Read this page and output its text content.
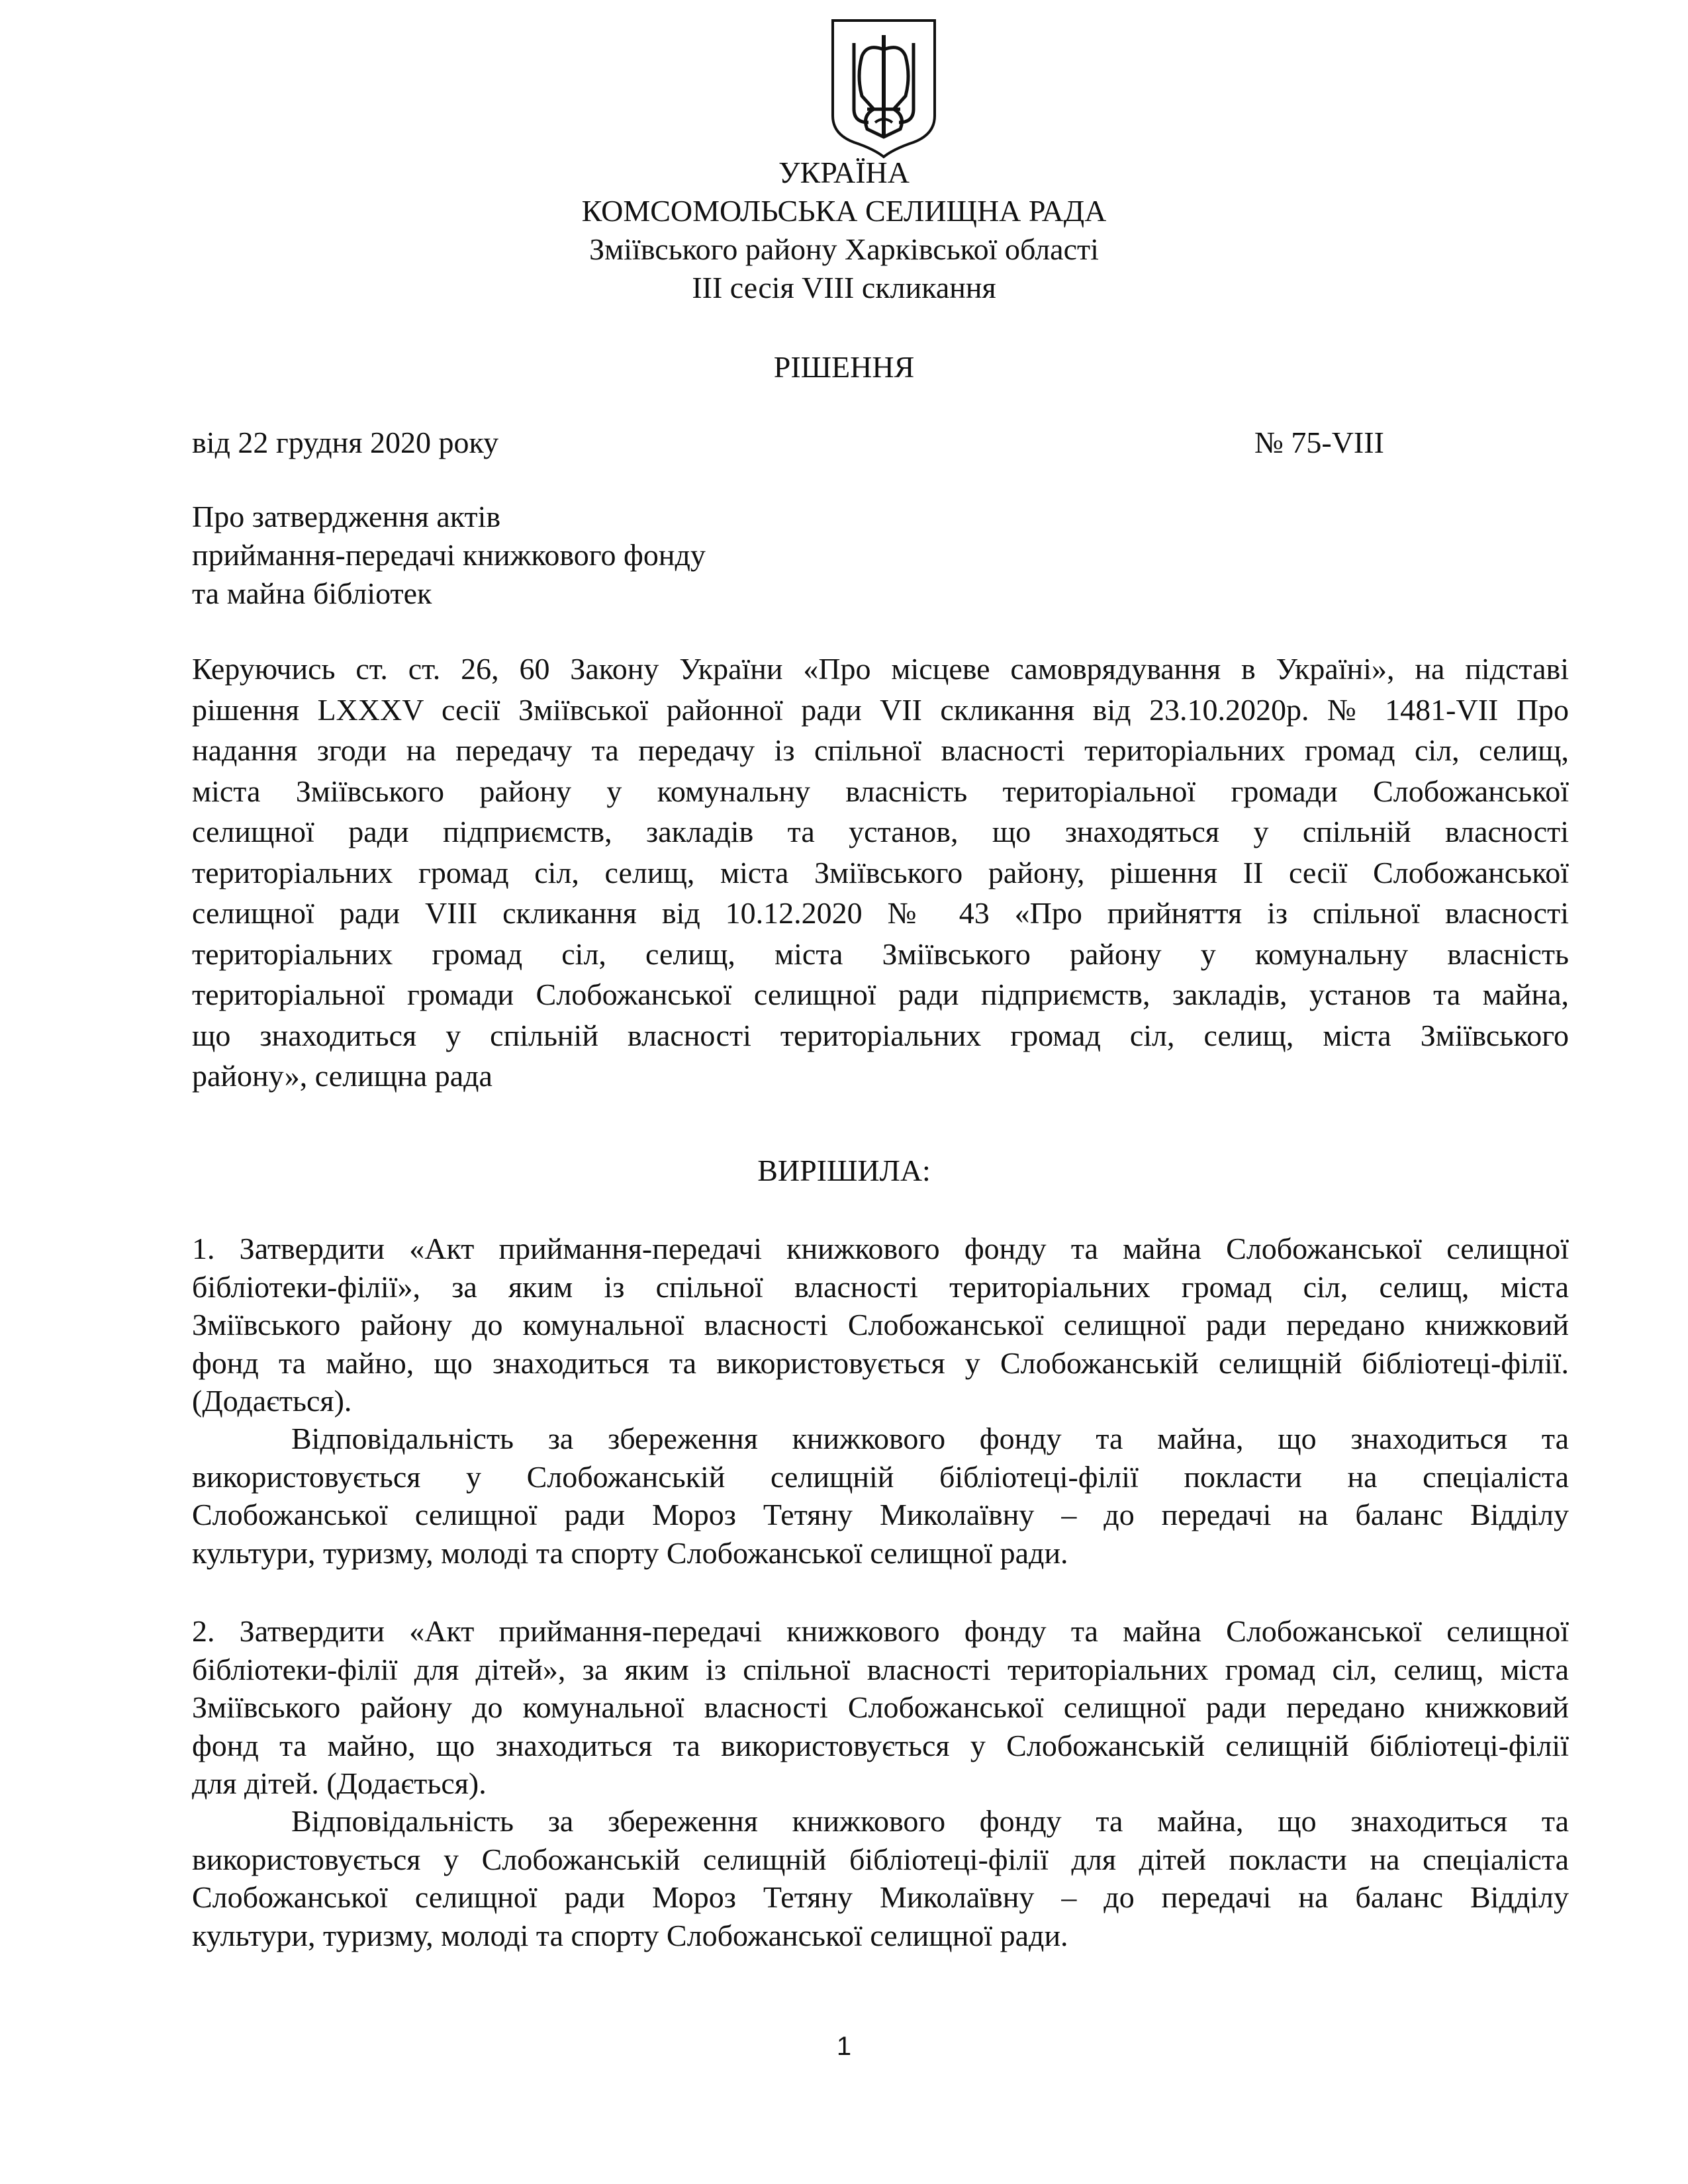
УКРАЇНА
КОМСОМОЛЬСЬКА СЕЛИЩНА РАДА
Зміївського району Харківської області
ІІІ сесія VIІІ скликання
РІШЕННЯ
від 22 грудня 2020 року	№ 75-VIІІ
Про затвердження актів
приймання-передачі книжкового фонду
та майна бібліотек
Керуючись ст. ст. 26, 60 Закону України «Про місцеве самоврядування в Україні», на підставі
рішення LXXXV сесії Зміївської районної ради VII скликання від 23.10.2020р. № 1481-VII Про
надання згоди на передачу та передачу із спільної власності територіальних громад сіл, селищ,
міста Зміївського району у комунальну власність територіальної громади Слобожанської
селищної ради підприємств, закладів та установ, що знаходяться у спільній власності
територіальних громад сіл, селищ, міста Зміївського району, рішення ІІ сесії Слобожанської
селищної ради VIII скликання від 10.12.2020 № 43 «Про прийняття із спільної власності
територіальних громад сіл, селищ, міста Зміївського району у комунальну власність
територіальної громади Слобожанської селищної ради підприємств, закладів, установ та майна,
що знаходиться у спільній власності територіальних громад сіл, селищ, міста Зміївського
району», селищна рада
ВИРІШИЛА:
1. Затвердити «Акт приймання-передачі книжкового фонду та майна Слобожанської селищної
бібліотеки-філії», за яким із спільної власності територіальних громад сіл, селищ, міста
Зміївського району до комунальної власності Слобожанської селищної ради передано книжковий
фонд та майно, що знаходиться та використовується у Слобожанській селищній бібліотеці-філії.
(Додається).
Відповідальність за збереження книжкового фонду та майна, що знаходиться та
використовується у Слобожанській селищній бібліотеці-філії покласти на спеціаліста
Слобожанської селищної ради Мороз Тетяну Миколаївну – до передачі на баланс Відділу
культури, туризму, молоді та спорту Слобожанської селищної ради.
2. Затвердити «Акт приймання-передачі книжкового фонду та майна Слобожанської селищної
бібліотеки-філії для дітей», за яким із спільної власності територіальних громад сіл, селищ, міста
Зміївського району до комунальної власності Слобожанської селищної ради передано книжковий
фонд та майно, що знаходиться та використовується у Слобожанській селищній бібліотеці-філії
для дітей. (Додається).
Відповідальність за збереження книжкового фонду та майна, що знаходиться та
використовується у Слобожанській селищній бібліотеці-філії для дітей покласти на спеціаліста
Слобожанської селищної ради Мороз Тетяну Миколаївну – до передачі на баланс Відділу
культури, туризму, молоді та спорту Слобожанської селищної ради.
1
